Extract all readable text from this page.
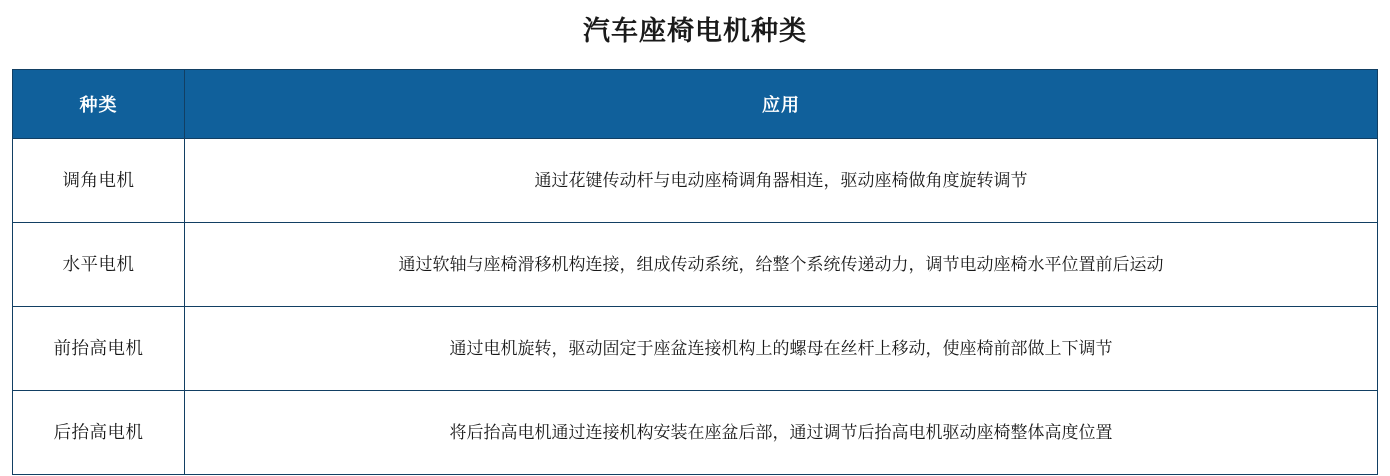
汽车座椅电机种类
种类	应用
调角电机	通过花键传动杆与电动座椅调角器相连，驱动座椅做角度旋转调节
水平电机	通过软轴与座椅滑移机构连接，组成传动系统，给整个系统传递动力，调节电动座椅水平位置前后运动
前抬高电机	通过电机旋转，驱动固定于座盆连接机构上的螺母在丝杆上移动，使座椅前部做上下调节
后抬高电机	将后抬高电机通过连接机构安装在座盆后部，通过调节后抬高电机驱动座椅整体高度位置
